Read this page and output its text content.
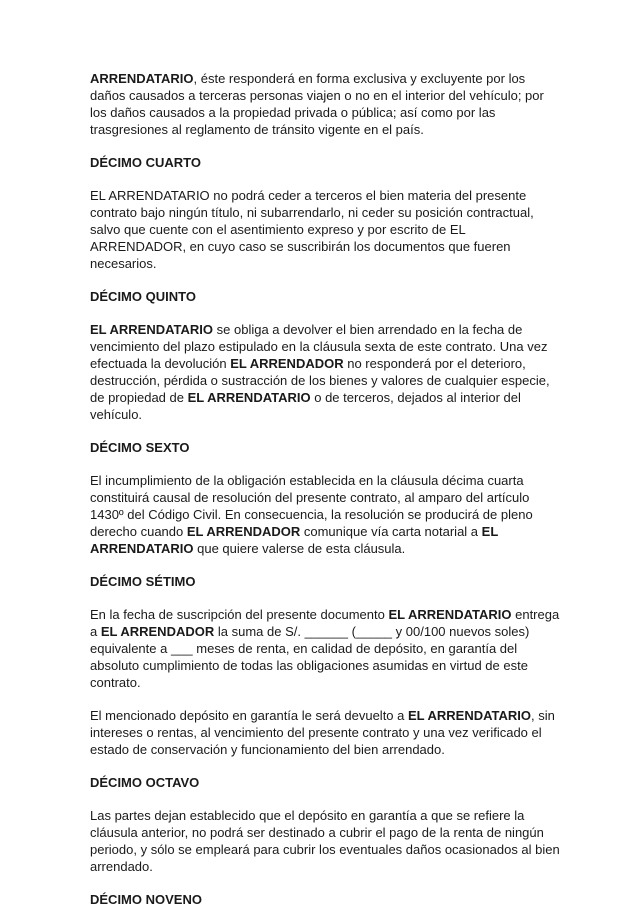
ARRENDATARIO, éste responderá en forma exclusiva y excluyente por los daños causados a terceras personas viajen o no en el interior del vehículo; por los daños causados a la propiedad privada o pública; así como por las trasgresiones al reglamento de tránsito vigente en el país.

DÉCIMO CUARTO

EL ARRENDATARIO no podrá ceder a terceros el bien materia del presente contrato bajo ningún título, ni subarrendarlo, ni ceder su posición contractual, salvo que cuente con el asentimiento expreso y por escrito de EL ARRENDADOR, en cuyo caso se suscribirán los documentos que fueren necesarios.

DÉCIMO QUINTO

EL ARRENDATARIO se obliga a devolver el bien arrendado en la fecha de vencimiento del plazo estipulado en la cláusula sexta de este contrato. Una vez efectuada la devolución EL ARRENDADOR no responderá por el deterioro, destrucción, pérdida o sustracción de los bienes y valores de cualquier especie, de propiedad de EL ARRENDATARIO o de terceros, dejados al interior del vehículo.

DÉCIMO SEXTO

El incumplimiento de la obligación establecida en la cláusula décima cuarta constituirá causal de resolución del presente contrato, al amparo del artículo 1430º del Código Civil. En consecuencia, la resolución se producirá de pleno derecho cuando EL ARRENDADOR comunique vía carta notarial a EL ARRENDATARIO que quiere valerse de esta cláusula.

DÉCIMO SÉTIMO

En la fecha de suscripción del presente documento EL ARRENDATARIO entrega a EL ARRENDADOR la suma de S/. ______ (_____ y 00/100 nuevos soles) equivalente a ___ meses de renta, en calidad de depósito, en garantía del absoluto cumplimiento de todas las obligaciones asumidas en virtud de este contrato.

El mencionado depósito en garantía le será devuelto a EL ARRENDATARIO, sin intereses o rentas, al vencimiento del presente contrato y una vez verificado el estado de conservación y funcionamiento del bien arrendado.

DÉCIMO OCTAVO

Las partes dejan establecido que el depósito en garantía a que se refiere la cláusula anterior, no podrá ser destinado a cubrir el pago de la renta de ningún periodo, y sólo se empleará para cubrir los eventuales daños ocasionados al bien arrendado.

DÉCIMO NOVENO
